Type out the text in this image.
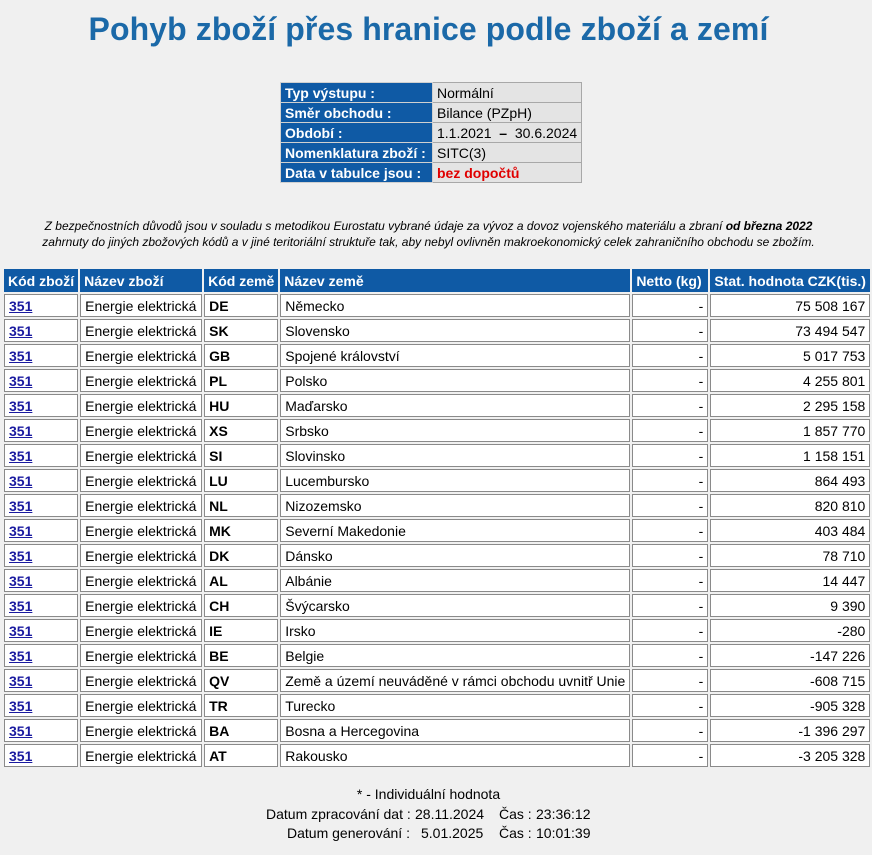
Pohyb zboží přes hranice podle zboží a zemí
Typ výstupu :	Normální
Směr obchodu :	Bilance (PZpH)
Období :	1.1.2021 – 30.6.2024
Nomenklatura zboží :	SITC(3)
Data v tabulce jsou :	bez dopočtů
Z bezpečnostních důvodů jsou v souladu s metodikou Eurostatu vybrané údaje za vývoz a dovoz vojenského materiálu a zbraní od března 2022
zahrnuty do jiných zbožových kódů a v jiné teritoriální struktuře tak, aby nebyl ovlivněn makroekonomický celek zahraničního obchodu se zbožím.
Kód zboží	Název zboží	Kód země	Název země	Netto (kg)	Stat. hodnota CZK(tis.)
351	Energie elektrická	DE	Německo	-	75 508 167
351	Energie elektrická	SK	Slovensko	-	73 494 547
351	Energie elektrická	GB	Spojené království	-	5 017 753
351	Energie elektrická	PL	Polsko	-	4 255 801
351	Energie elektrická	HU	Maďarsko	-	2 295 158
351	Energie elektrická	XS	Srbsko	-	1 857 770
351	Energie elektrická	SI	Slovinsko	-	1 158 151
351	Energie elektrická	LU	Lucembursko	-	864 493
351	Energie elektrická	NL	Nizozemsko	-	820 810
351	Energie elektrická	MK	Severní Makedonie	-	403 484
351	Energie elektrická	DK	Dánsko	-	78 710
351	Energie elektrická	AL	Albánie	-	14 447
351	Energie elektrická	CH	Švýcarsko	-	9 390
351	Energie elektrická	IE	Irsko	-	-280
351	Energie elektrická	BE	Belgie	-	-147 226
351	Energie elektrická	QV	Země a území neuváděné v rámci obchodu uvnitř Unie	-	-608 715
351	Energie elektrická	TR	Turecko	-	-905 328
351	Energie elektrická	BA	Bosna a Hercegovina	-	-1 396 297
351	Energie elektrická	AT	Rakousko	-	-3 205 328
* - Individuální hodnota
Datum zpracování dat : 28.11.2024 Čas : 23:36:12
Datum generování : 5.01.2025 Čas : 10:01:39
